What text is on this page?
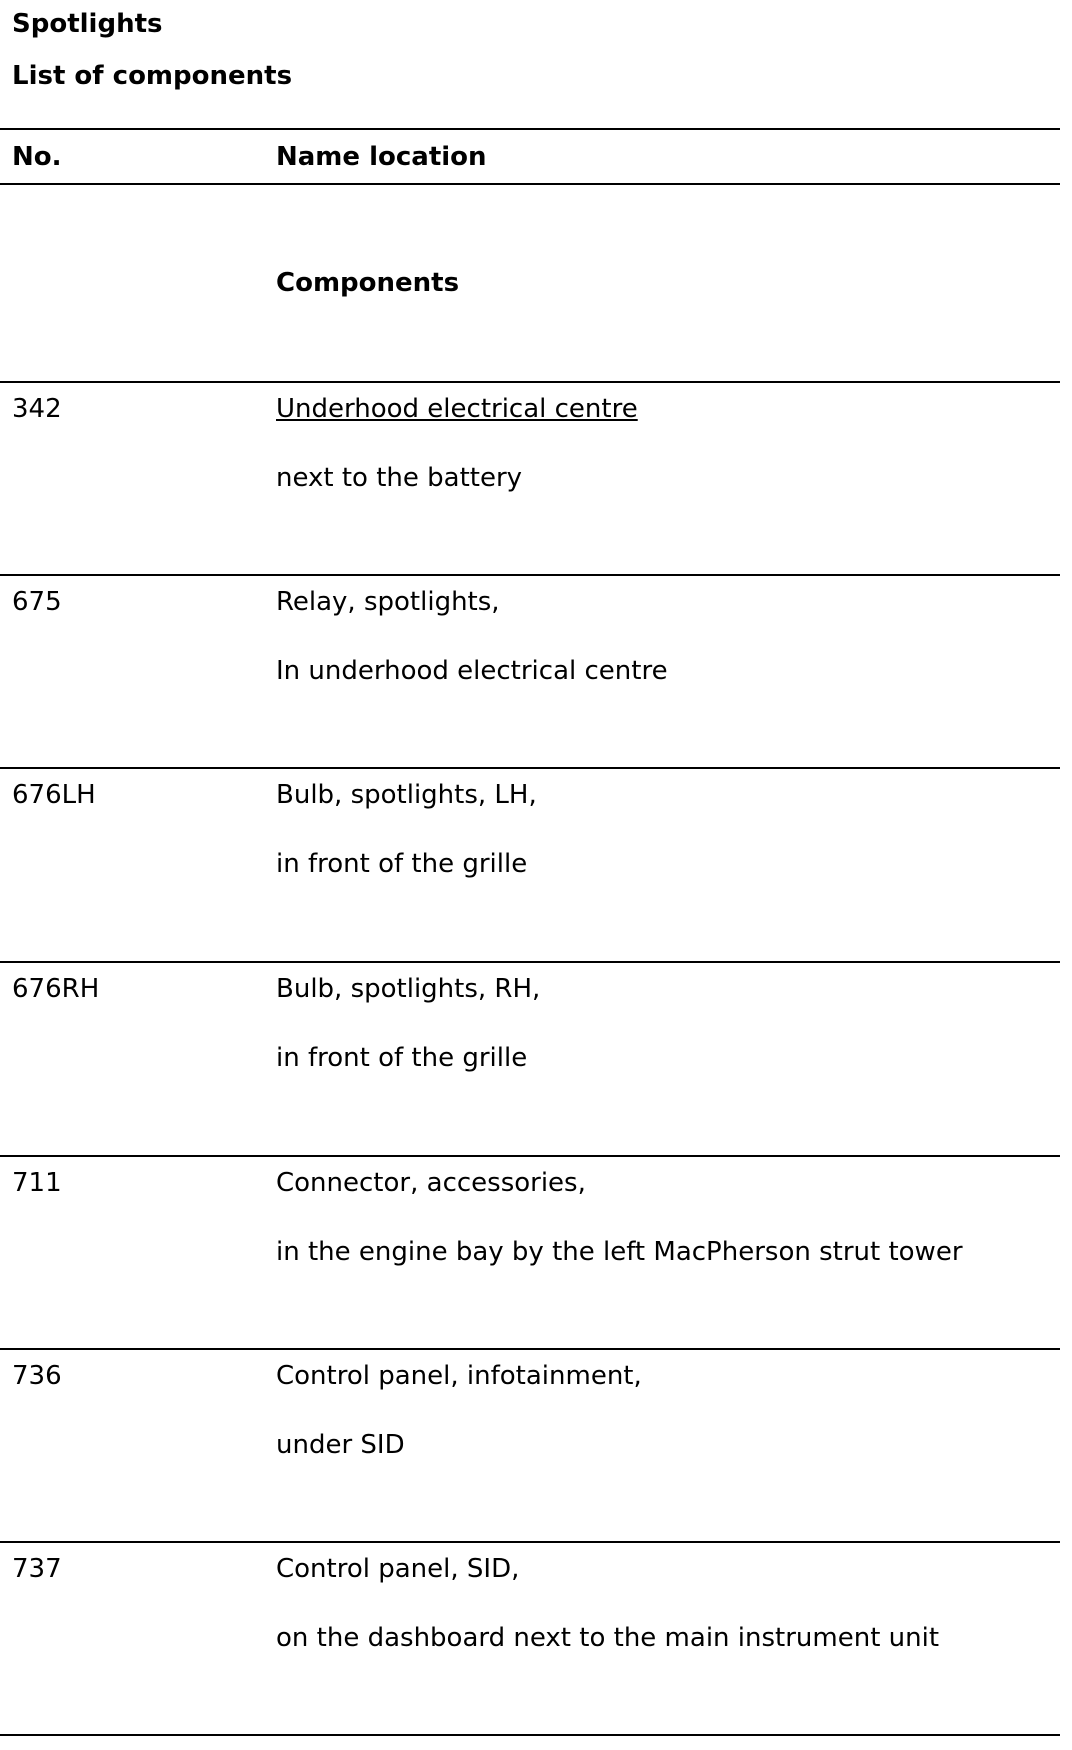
Spotlights
List of components
No.	Name location
Components
342	Underhood electrical centre
next to the battery
675	Relay, spotlights,
In underhood electrical centre
676LH	Bulb, spotlights, LH,
in front of the grille
676RH	Bulb, spotlights, RH,
in front of the grille
711	Connector, accessories,
in the engine bay by the left MacPherson strut tower
736	Control panel, infotainment,
under SID
737	Control panel, SID,
on the dashboard next to the main instrument unit
